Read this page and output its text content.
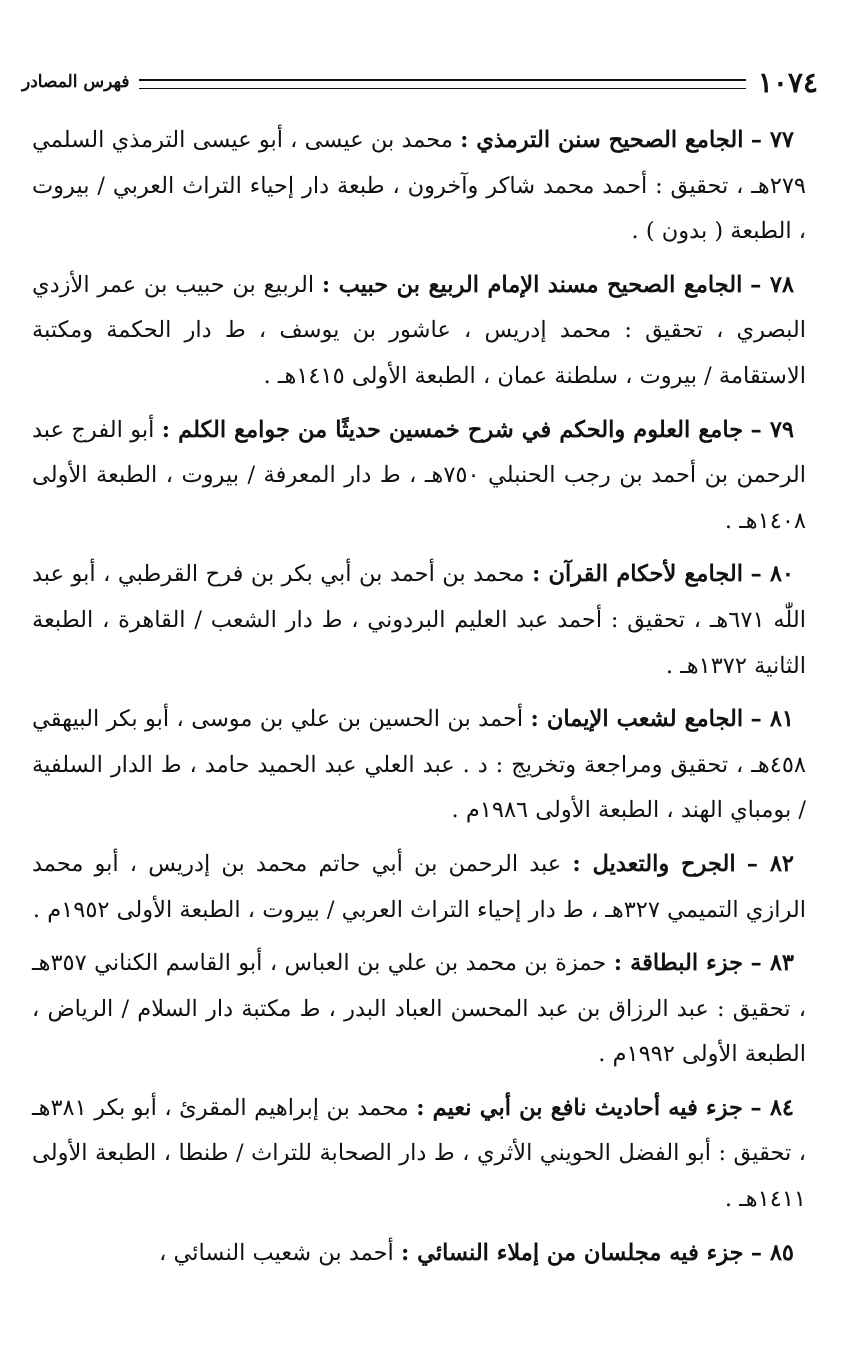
١٠٧٤
فهرس المصادر

٧٧ – الجامع الصحيح سنن الترمذي : محمد بن عيسى ، أبو عيسى الترمذي السلمي ٢٧٩هـ ، تحقيق : أحمد محمد شاكر وآخرون ، طبعة دار إحياء التراث العربي / بيروت ، الطبعة ( بدون ) .

٧٨ – الجامع الصحيح مسند الإمام الربيع بن حبيب : الربيع بن حبيب بن عمر الأزدي البصري ، تحقيق : محمد إدريس ، عاشور بن يوسف ، ط دار الحكمة ومكتبة الاستقامة / بيروت ، سلطنة عمان ، الطبعة الأولى ١٤١٥هـ .

٧٩ – جامع العلوم والحكم في شرح خمسين حديثًا من جوامع الكلم : أبو الفرج عبد الرحمن بن أحمد بن رجب الحنبلي ٧٥٠هـ ، ط دار المعرفة / بيروت ، الطبعة الأولى ١٤٠٨هـ .

٨٠ – الجامع لأحكام القرآن : محمد بن أحمد بن أبي بكر بن فرح القرطبي ، أبو عبد اللّٰه ٦٧١هـ ، تحقيق : أحمد عبد العليم البردوني ، ط دار الشعب / القاهرة ، الطبعة الثانية ١٣٧٢هـ .

٨١ – الجامع لشعب الإيمان : أحمد بن الحسين بن علي بن موسى ، أبو بكر البيهقي ٤٥٨هـ ، تحقيق ومراجعة وتخريج : د . عبد العلي عبد الحميد حامد ، ط الدار السلفية / بومباي الهند ، الطبعة الأولى ١٩٨٦م .

٨٢ – الجرح والتعديل : عبد الرحمن بن أبي حاتم محمد بن إدريس ، أبو محمد الرازي التميمي ٣٢٧هـ ، ط دار إحياء التراث العربي / بيروت ، الطبعة الأولى ١٩٥٢م .

٨٣ – جزء البطاقة : حمزة بن محمد بن علي بن العباس ، أبو القاسم الكناني ٣٥٧هـ ، تحقيق : عبد الرزاق بن عبد المحسن العباد البدر ، ط مكتبة دار السلام / الرياض ، الطبعة الأولى ١٩٩٢م .

٨٤ – جزء فيه أحاديث نافع بن أبي نعيم : محمد بن إبراهيم المقرئ ، أبو بكر ٣٨١هـ ، تحقيق : أبو الفضل الحويني الأثري ، ط دار الصحابة للتراث / طنطا ، الطبعة الأولى ١٤١١هـ .

٨٥ – جزء فيه مجلسان من إملاء النسائي : أحمد بن شعيب النسائي ،
